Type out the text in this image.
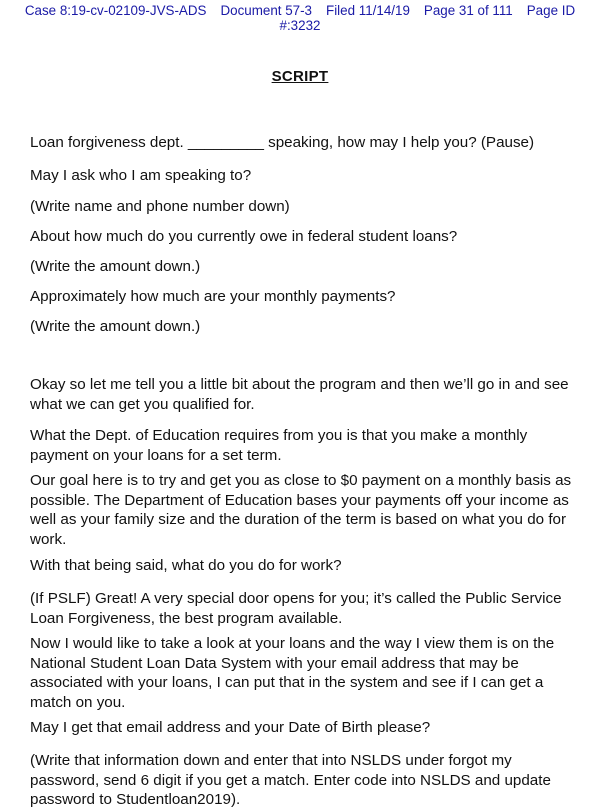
Case 8:19-cv-02109-JVS-ADS Document 57-3 Filed 11/14/19 Page 31 of 111 Page ID
#:3232
SCRIPT

Loan forgiveness dept. _________ speaking, how may I help you? (Pause)

May I ask who I am speaking to?

(Write name and phone number down)

About how much do you currently owe in federal student loans?

(Write the amount down.)

Approximately how much are your monthly payments?

(Write the amount down.)

Okay so let me tell you a little bit about the program and then we’ll go in and see what we can get you qualified for.

What the Dept. of Education requires from you is that you make a monthly payment on your loans for a set term.

Our goal here is to try and get you as close to $0 payment on a monthly basis as possible. The Department of Education bases your payments off your income as well as your family size and the duration of the term is based on what you do for work.

With that being said, what do you do for work?

(If PSLF) Great! A very special door opens for you; it’s called the Public Service Loan Forgiveness, the best program available.

Now I would like to take a look at your loans and the way I view them is on the National Student Loan Data System with your email address that may be associated with your loans, I can put that in the system and see if I can get a match on you.

May I get that email address and your Date of Birth please?

(Write that information down and enter that into NSLDS under forgot my password, send 6 digit if you get a match. Enter code into NSLDS and update password to Studentloan2019).
